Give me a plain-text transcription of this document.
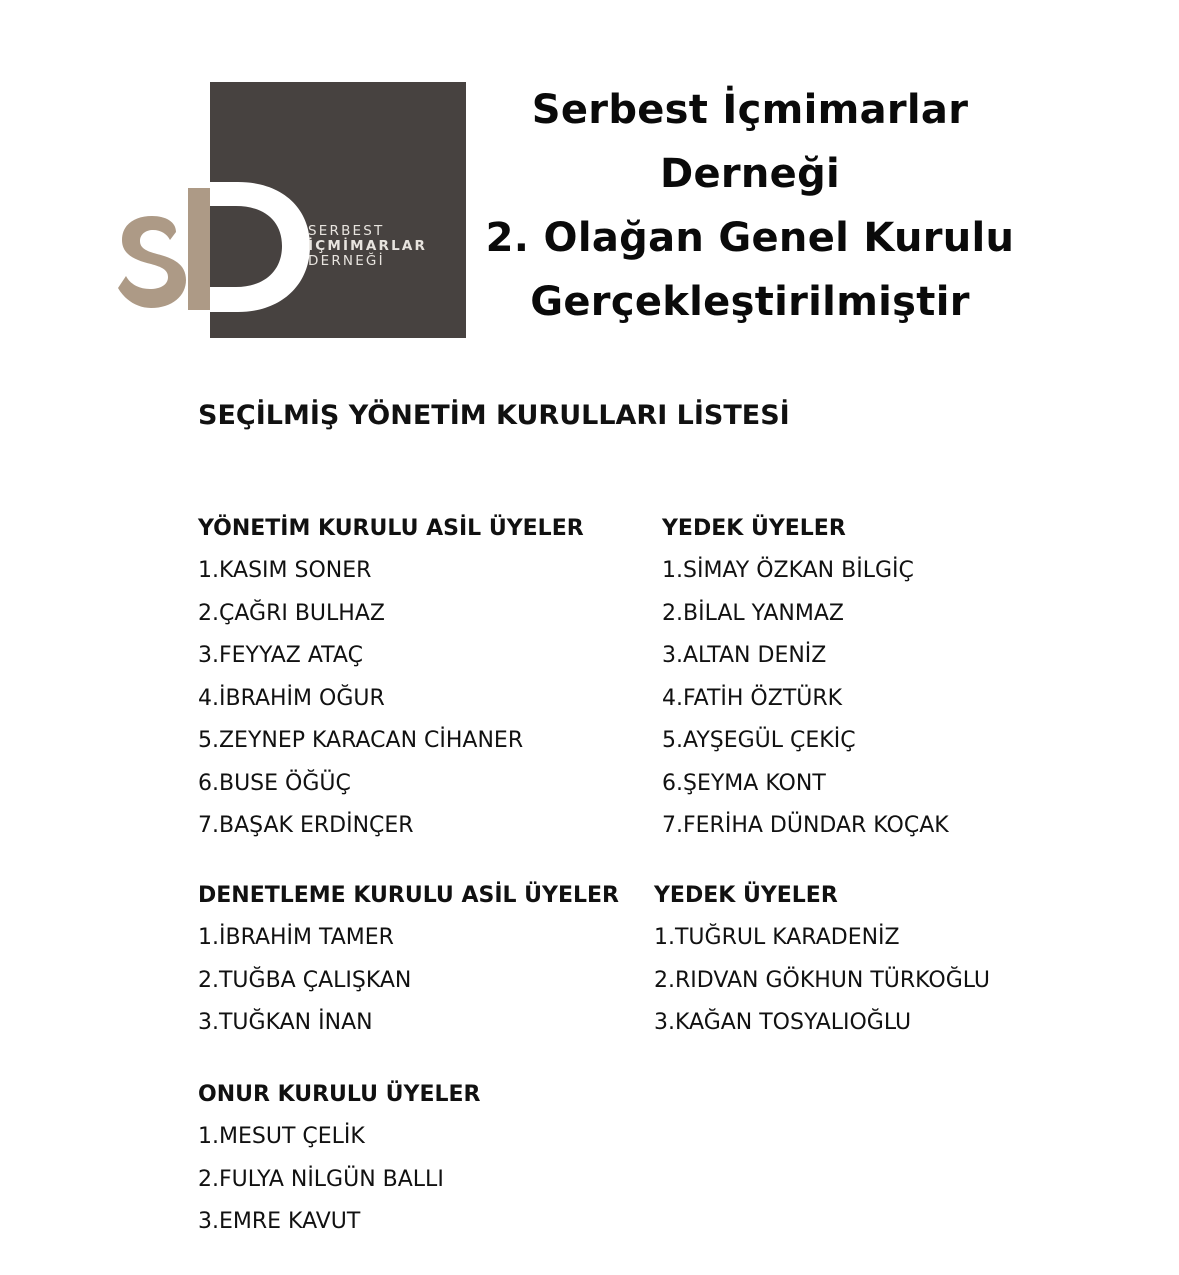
SERBEST
İÇMİMARLAR
DERNEĞİ
Serbest İçmimarlar
Derneği
2. Olağan Genel Kurulu
Gerçekleştirilmiştir
SEÇİLMİŞ YÖNETİM KURULLARI LİSTESİ
YÖNETİM KURULU ASİL ÜYELER
1.KASIM SONER
2.ÇAĞRI BULHAZ
3.FEYYAZ ATAÇ
4.İBRAHİM OĞUR
5.ZEYNEP KARACAN CİHANER
6.BUSE ÖĞÜÇ
7.BAŞAK ERDİNÇER
YEDEK ÜYELER
1.SİMAY ÖZKAN BİLGİÇ
2.BİLAL YANMAZ
3.ALTAN DENİZ
4.FATİH ÖZTÜRK
5.AYŞEGÜL ÇEKİÇ
6.ŞEYMA KONT
7.FERİHA DÜNDAR KOÇAK
DENETLEME KURULU ASİL ÜYELER
1.İBRAHİM TAMER
2.TUĞBA ÇALIŞKAN
3.TUĞKAN İNAN
YEDEK ÜYELER
1.TUĞRUL KARADENİZ
2.RIDVAN GÖKHUN TÜRKOĞLU
3.KAĞAN TOSYALIOĞLU
ONUR KURULU ÜYELER
1.MESUT ÇELİK
2.FULYA NİLGÜN BALLI
3.EMRE KAVUT
